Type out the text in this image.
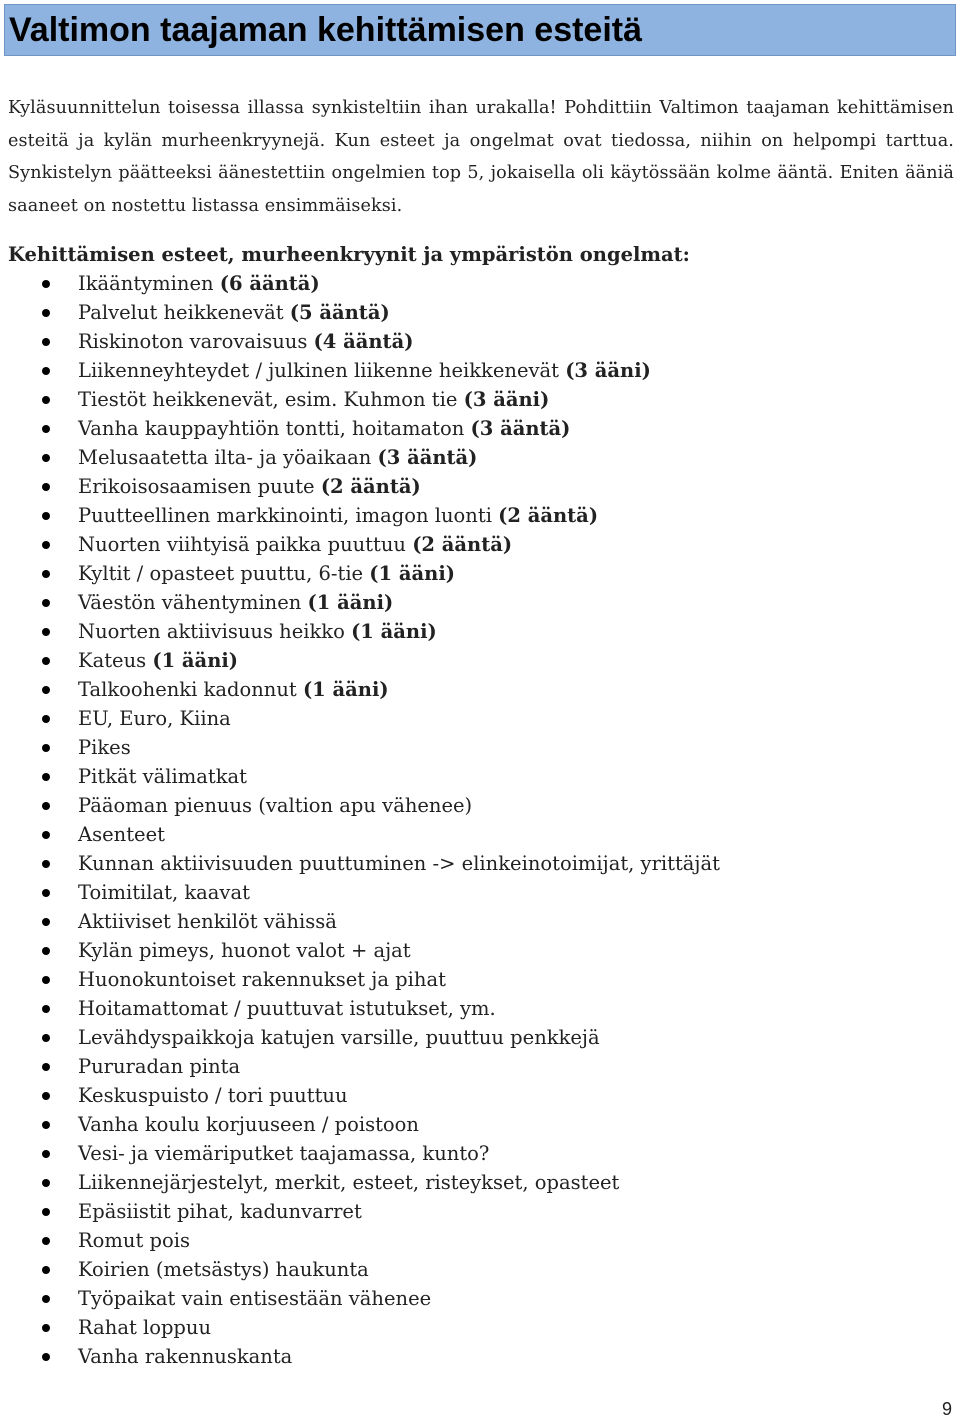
Valtimon taajaman kehittämisen esteitä

Kyläsuunnittelun toisessa illassa synkisteltiin ihan urakalla! Pohdittiin Valtimon taajaman kehittämisen esteitä ja kylän murheenkryynejä. Kun esteet ja ongelmat ovat tiedossa, niihin on helpompi tarttua. Synkistelyn päätteeksi äänestettiin ongelmien top 5, jokaisella oli käytössään kolme ääntä. Eniten ääniä saaneet on nostettu listassa ensimmäiseksi.

Kehittämisen esteet, murheenkryynit ja ympäristön ongelmat:

Ikääntyminen (6 ääntä)
Palvelut heikkenevät (5 ääntä)
Riskinoton varovaisuus (4 ääntä)
Liikenneyhteydet / julkinen liikenne heikkenevät (3 ääni)
Tiestöt heikkenevät, esim. Kuhmon tie (3 ääni)
Vanha kauppayhtiön tontti, hoitamaton (3 ääntä)
Melusaatetta ilta- ja yöaikaan (3 ääntä)
Erikoisosaamisen puute (2 ääntä)
Puutteellinen markkinointi, imagon luonti (2 ääntä)
Nuorten viihtyisä paikka puuttuu (2 ääntä)
Kyltit / opasteet puuttu, 6-tie (1 ääni)
Väestön vähentyminen (1 ääni)
Nuorten aktiivisuus heikko (1 ääni)
Kateus (1 ääni)
Talkoohenki kadonnut (1 ääni)
EU, Euro, Kiina
Pikes
Pitkät välimatkat
Pääoman pienuus (valtion apu vähenee)
Asenteet
Kunnan aktiivisuuden puuttuminen -> elinkeinotoimijat, yrittäjät
Toimitilat, kaavat
Aktiiviset henkilöt vähissä
Kylän pimeys, huonot valot + ajat
Huonokuntoiset rakennukset ja pihat
Hoitamattomat / puuttuvat istutukset, ym.
Levähdyspaikkoja katujen varsille, puuttuu penkkejä
Pururadan pinta
Keskuspuisto / tori puuttuu
Vanha koulu korjuuseen / poistoon
Vesi- ja viemäriputket taajamassa, kunto?
Liikennejärjestelyt, merkit, esteet, risteykset, opasteet
Epäsiistit pihat, kadunvarret
Romut pois
Koirien (metsästys) haukunta
Työpaikat vain entisestään vähenee
Rahat loppuu
Vanha rakennuskanta

9
